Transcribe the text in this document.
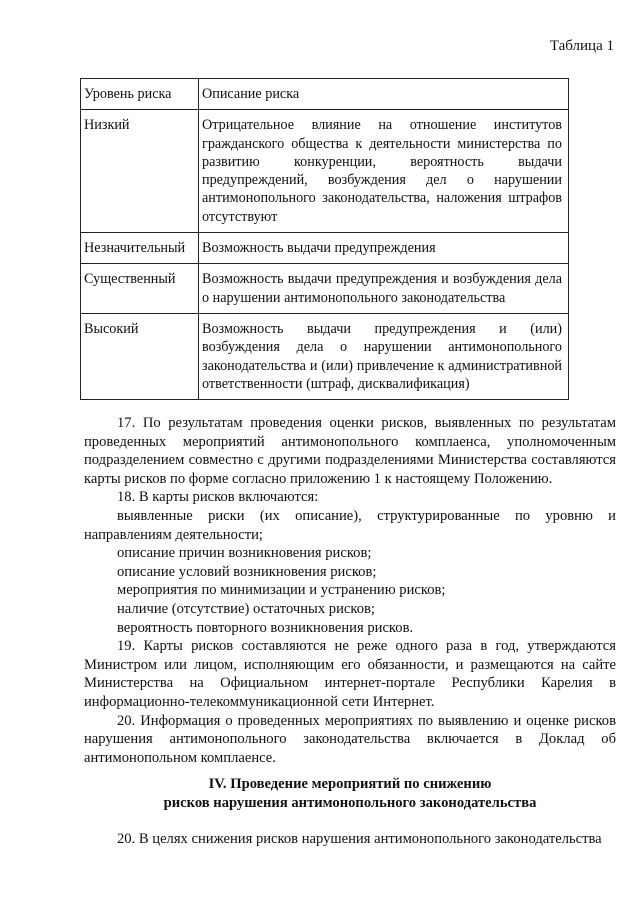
Таблица 1
Уровень риска	Описание риска
Низкий	Отрицательное влияние на отношение институтов гражданского общества к деятельности министерства по развитию конкуренции, вероятность выдачи предупреждений, возбуждения дел о нарушении антимонопольного законодательства, наложения штрафов отсутствуют
Незначительный	Возможность выдачи предупреждения
Существенный	Возможность выдачи предупреждения и возбуждения дела о нарушении антимонопольного законодательства
Высокий	Возможность выдачи предупреждения и (или) возбуждения дела о нарушении антимонопольного законодательства и (или) привлечение к административной ответственности (штраф, дисквалификация)

17. По результатам проведения оценки рисков, выявленных по результатам проведенных мероприятий антимонопольного комплаенса, уполномоченным подразделением совместно с другими подразделениями Министерства составляются карты рисков по форме согласно приложению 1 к настоящему Положению.

18. В карты рисков включаются:

выявленные риски (их описание), структурированные по уровню и направлениям деятельности;

описание причин возникновения рисков;

описание условий возникновения рисков;

мероприятия по минимизации и устранению рисков;

наличие (отсутствие) остаточных рисков;

вероятность повторного возникновения рисков.

19. Карты рисков составляются не реже одного раза в год, утверждаются Министром или лицом, исполняющим его обязанности, и размещаются на сайте Министерства на Официальном интернет-портале Республики Карелия в информационно-телекоммуникационной сети Интернет.

20. Информация о проведенных мероприятиях по выявлению и оценке рисков нарушения антимонопольного законодательства включается в Доклад об антимонопольном комплаенсе.

IV. Проведение мероприятий по снижению

рисков нарушения антимонопольного законодательства

20. В целях снижения рисков нарушения антимонопольного законодательства
